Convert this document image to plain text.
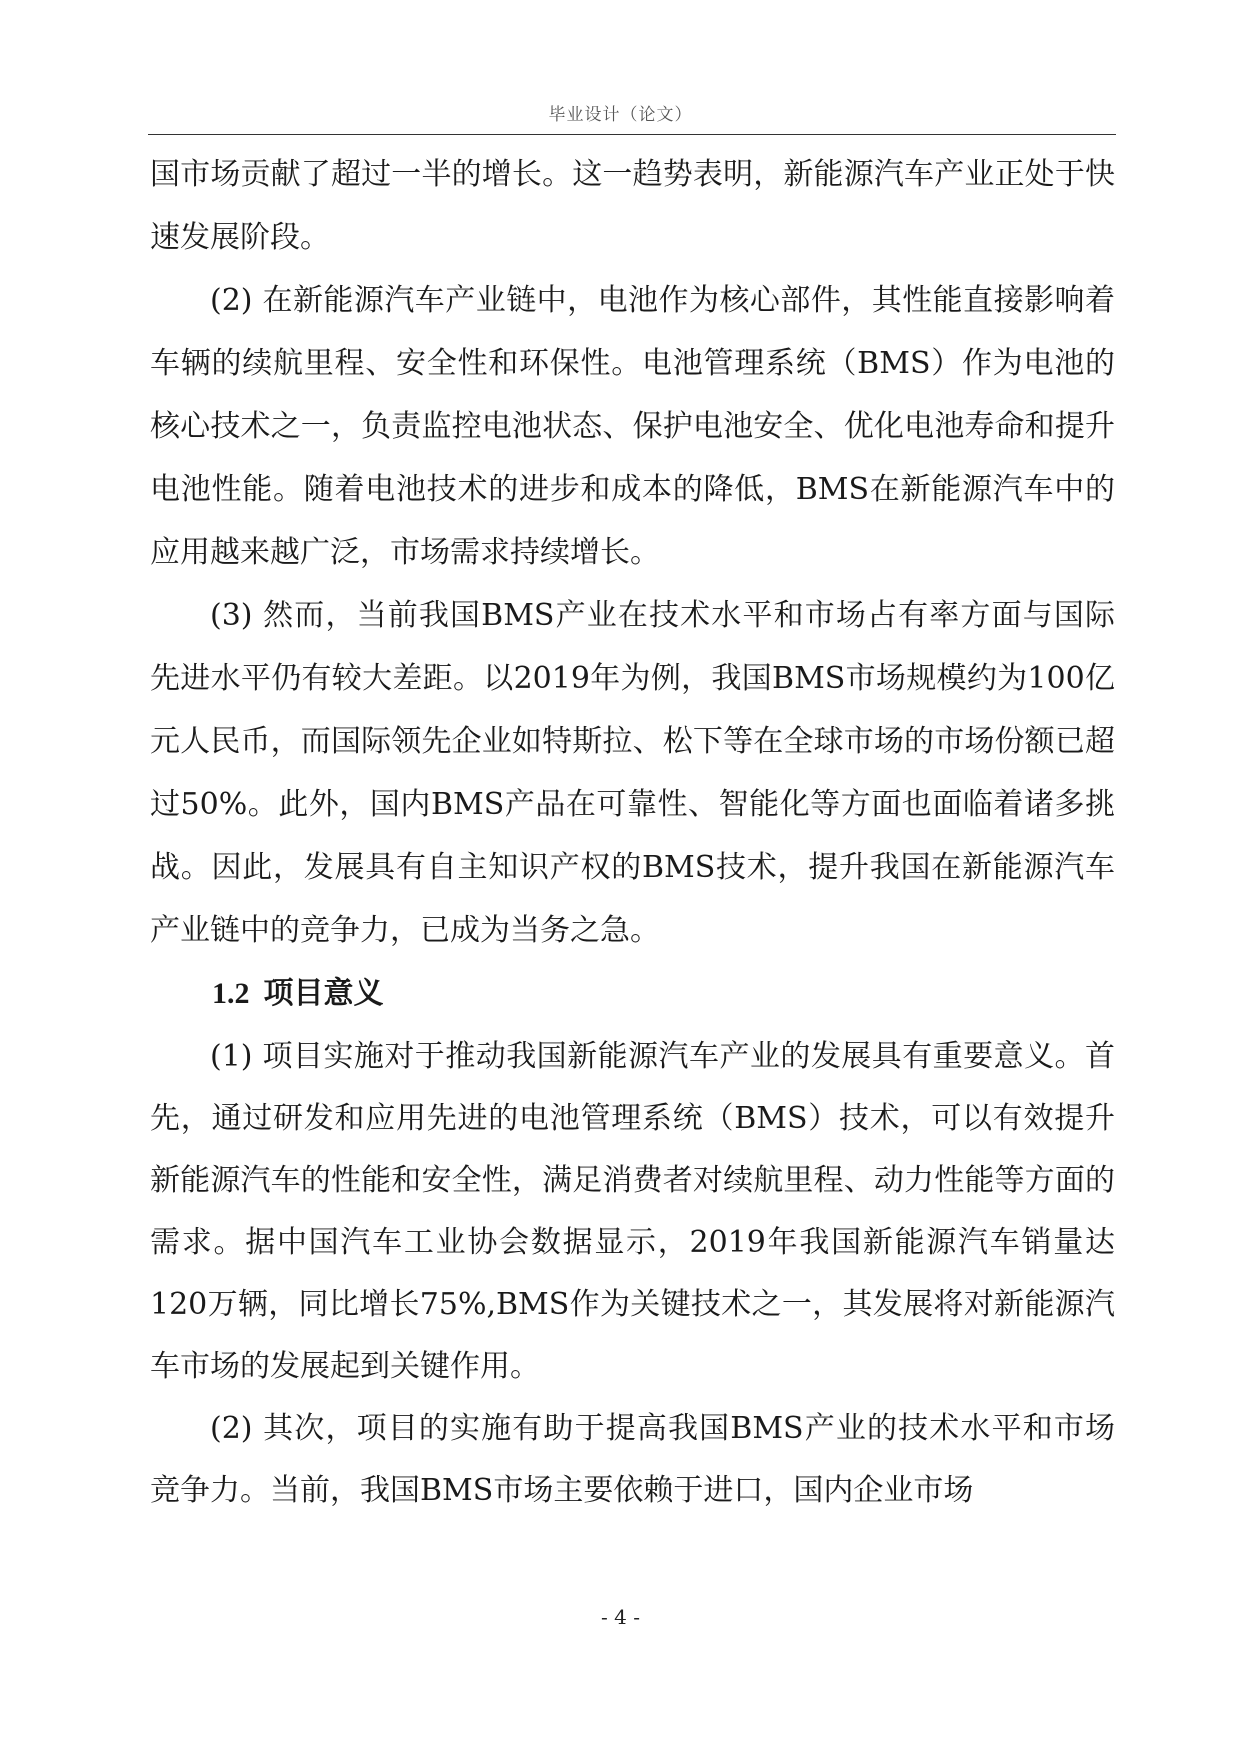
毕业设计（论文）

国市场贡献了超过一半的增长。这一趋势表明，新能源汽车产业正处于快速发展阶段。

(2) 在新能源汽车产业链中，电池作为核心部件，其性能直接影响着车辆的续航里程、安全性和环保性。电池管理系统（BMS）作为电池的核心技术之一，负责监控电池状态、保护电池安全、优化电池寿命和提升电池性能。随着电池技术的进步和成本的降低，BMS在新能源汽车中的应用越来越广泛，市场需求持续增长。

(3) 然而，当前我国BMS产业在技术水平和市场占有率方面与国际先进水平仍有较大差距。以2019年为例，我国BMS市场规模约为100亿元人民币，而国际领先企业如特斯拉、松下等在全球市场的市场份额已超过50%。此外，国内BMS产品在可靠性、智能化等方面也面临着诸多挑战。因此，发展具有自主知识产权的BMS技术，提升我国在新能源汽车产业链中的竞争力，已成为当务之急。

1.2 项目意义

(1) 项目实施对于推动我国新能源汽车产业的发展具有重要意义。首先，通过研发和应用先进的电池管理系统（BMS）技术，可以有效提升新能源汽车的性能和安全性，满足消费者对续航里程、动力性能等方面的需求。据中国汽车工业协会数据显示，2019年我国新能源汽车销量达120万辆，同比增长75%,BMS作为关键技术之一，其发展将对新能源汽车市场的发展起到关键作用。

(2) 其次，项目的实施有助于提高我国BMS产业的技术水平和市场竞争力。当前，我国BMS市场主要依赖于进口，国内企业市场

- 4 -
